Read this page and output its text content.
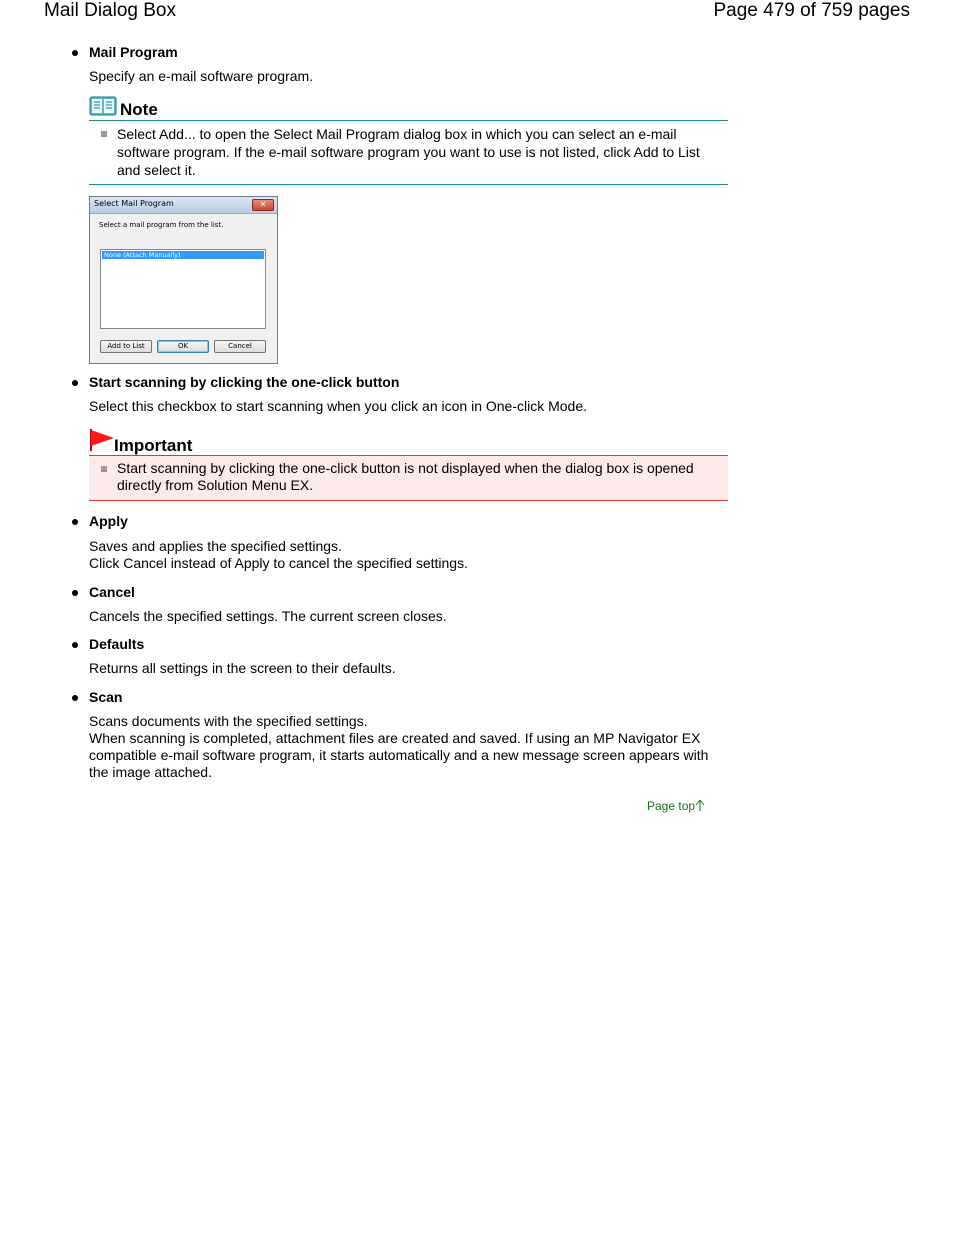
Mail Dialog Box	Page 479 of 759 pages
Mail Program
Specify an e-mail software program.
Note
Select Add... to open the Select Mail Program dialog box in which you can select an e-mail software program. If the e-mail software program you want to use is not listed, click Add to List and select it.
Select Mail Program	✕
Select a mail program from the list.
None (Attach Manually)
Add to List	OK	Cancel
Start scanning by clicking the one-click button
Select this checkbox to start scanning when you click an icon in One-click Mode.
Important
Start scanning by clicking the one-click button is not displayed when the dialog box is opened directly from Solution Menu EX.
Apply
Saves and applies the specified settings.
Click Cancel instead of Apply to cancel the specified settings.
Cancel
Cancels the specified settings. The current screen closes.
Defaults
Returns all settings in the screen to their defaults.
Scan
Scans documents with the specified settings.
When scanning is completed, attachment files are created and saved. If using an MP Navigator EX compatible e-mail software program, it starts automatically and a new message screen appears with the image attached.
Page top
